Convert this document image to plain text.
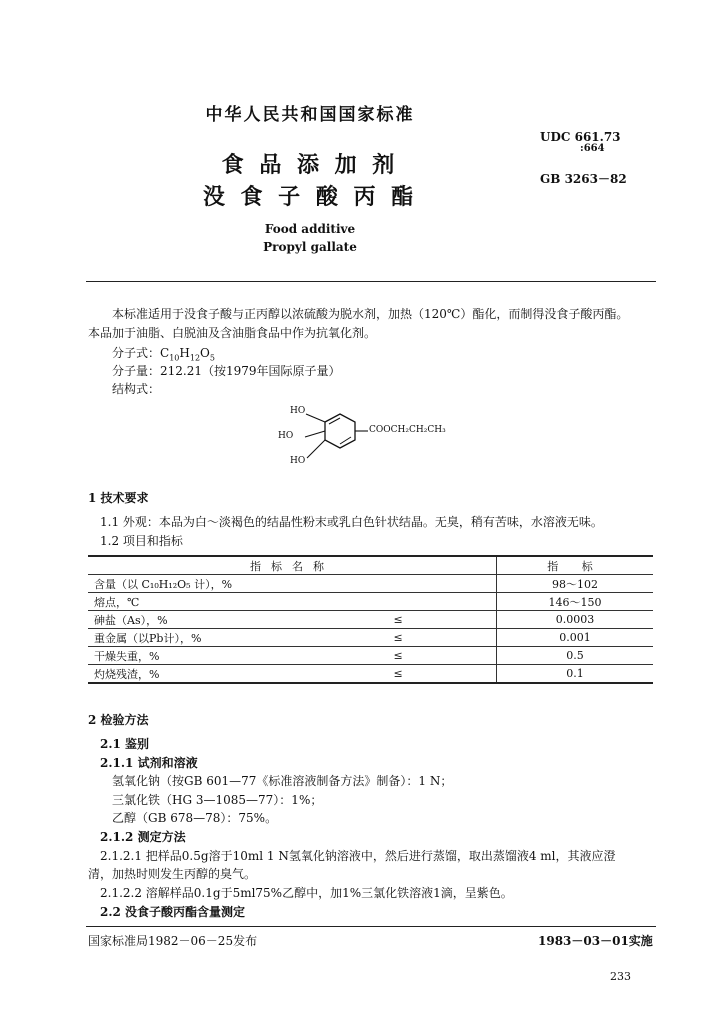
中华人民共和国国家标准
食 品 添 加 剂
没 食 子 酸 丙 酯
Food additive
Propyl gallate
UDC 661.73
:664
GB 3263－82
本标准适用于没食子酸与正丙醇以浓硫酸为脱水剂，加热（120℃）酯化，而制得没食子酸丙酯。
本品加于油脂、白脱油及含油脂食品中作为抗氧化剂。
分子式：$C_{10}H_{12}O_5$
分子量：212.21（按1979年国际原子量）
结构式：
HO
HO
HO
COOCH₂CH₂CH₃
1 技术要求
1.1 外观：本品为白～淡褐色的结晶性粉末或乳白色针状结晶。无臭，稍有苦味，水溶液无味。
1.2 项目和指标
指标名称		指 标
含量（以 C₁₀H₁₂O₅ 计），%		98～102
熔点，℃		146～150
砷盐（As），%	≤	0.0003
重金属（以Pb计），%	≤	0.001
干燥失重，%	≤	0.5
灼烧残渣，%	≤	0.1
2 检验方法
2.1 鉴别
2.1.1 试剂和溶液
氢氧化钠（按GB 601—77《标准溶液制备方法》制备）：1 N；
三氯化铁（HG 3—1085—77）：1%；
乙醇（GB 678—78）：75%。
2.1.2 测定方法
2.1.2.1 把样品0.5g溶于10ml 1 N氢氧化钠溶液中，然后进行蒸馏，取出蒸馏液4 ml，其液应澄
清，加热时则发生丙醇的臭气。
2.1.2.2 溶解样品0.1g于5ml75%乙醇中，加1%三氯化铁溶液1滴，呈紫色。
2.2 没食子酸丙酯含量测定
国家标准局1982－06－25发布	1983－03－01实施
233
